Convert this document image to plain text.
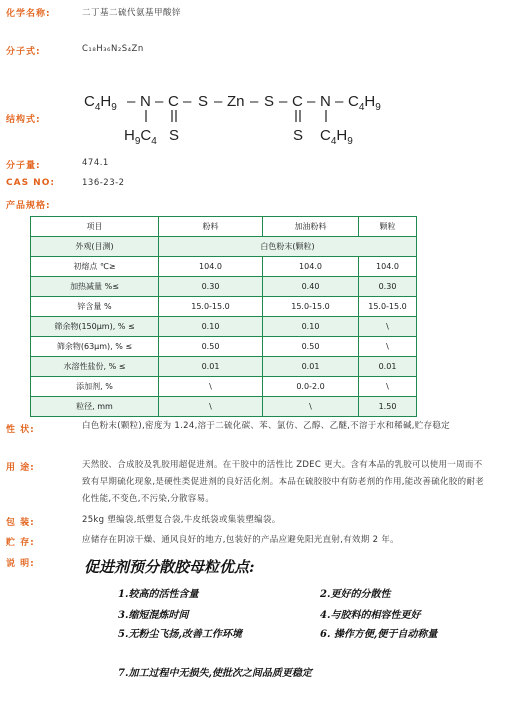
化学名称:	二丁基二硫代氨基甲酸锌
分子式:	C₁₈H₃₆N₂S₄Zn
结构式:
$C_4H_9$ – N – C – S – Zn – S – C – N – $C_4H_9$
$H_9C_4$ S	S $C_4H_9$
分子量:	474.1
CAS NO:	136-23-2
产品规格:
项目	粉料	加油粉料	颗粒
外观(目测)	白色粉末(颗粒)		
初熔点 ℃≥	104.0	104.0	104.0
加热减量 %≤	0.30	0.40	0.30
锌含量 %	15.0-15.0	15.0-15.0	15.0-15.0
筛余物(150μm), % ≤	0.10	0.10	\
筛余物(63μm), % ≤	0.50	0.50	\
水溶性盐份, % ≤	0.01	0.01	0.01
添加剂, %	\	0.0-2.0	\
粒径, mm	\	\	1.50
性 状:	白色粉末(颗粒),密度为 1.24,溶于二硫化碳、苯、氯仿、乙醇、乙醚,不溶于水和稀碱,贮存稳定
用 途:	天然胶、合成胶及乳胶用超促进剂。在干胶中的活性比 ZDEC 更大。含有本品的乳胶可以使用一周而不致有早期硫化现象,是硬性类促进剂的良好活化剂。本品在硫胶胶中有防老剂的作用,能改善硫化胶的耐老化性能,不变色,不污染,分散容易。
包 装:	25kg 塑编袋,纸塑复合袋,牛皮纸袋或集装塑编袋。
贮 存:	应储存在阴凉干燥、通风良好的地方,包装好的产品应避免阳光直射,有效期 2 年。
说 明:	促进剂预分散胶母粒优点:
1.较高的活性含量	2.更好的分散性
3.缩短混炼时间	4.与胶料的相容性更好
5.无粉尘飞扬,改善工作环境	6. 操作方便,便于自动称量
7.加工过程中无损失,使批次之间品质更稳定
